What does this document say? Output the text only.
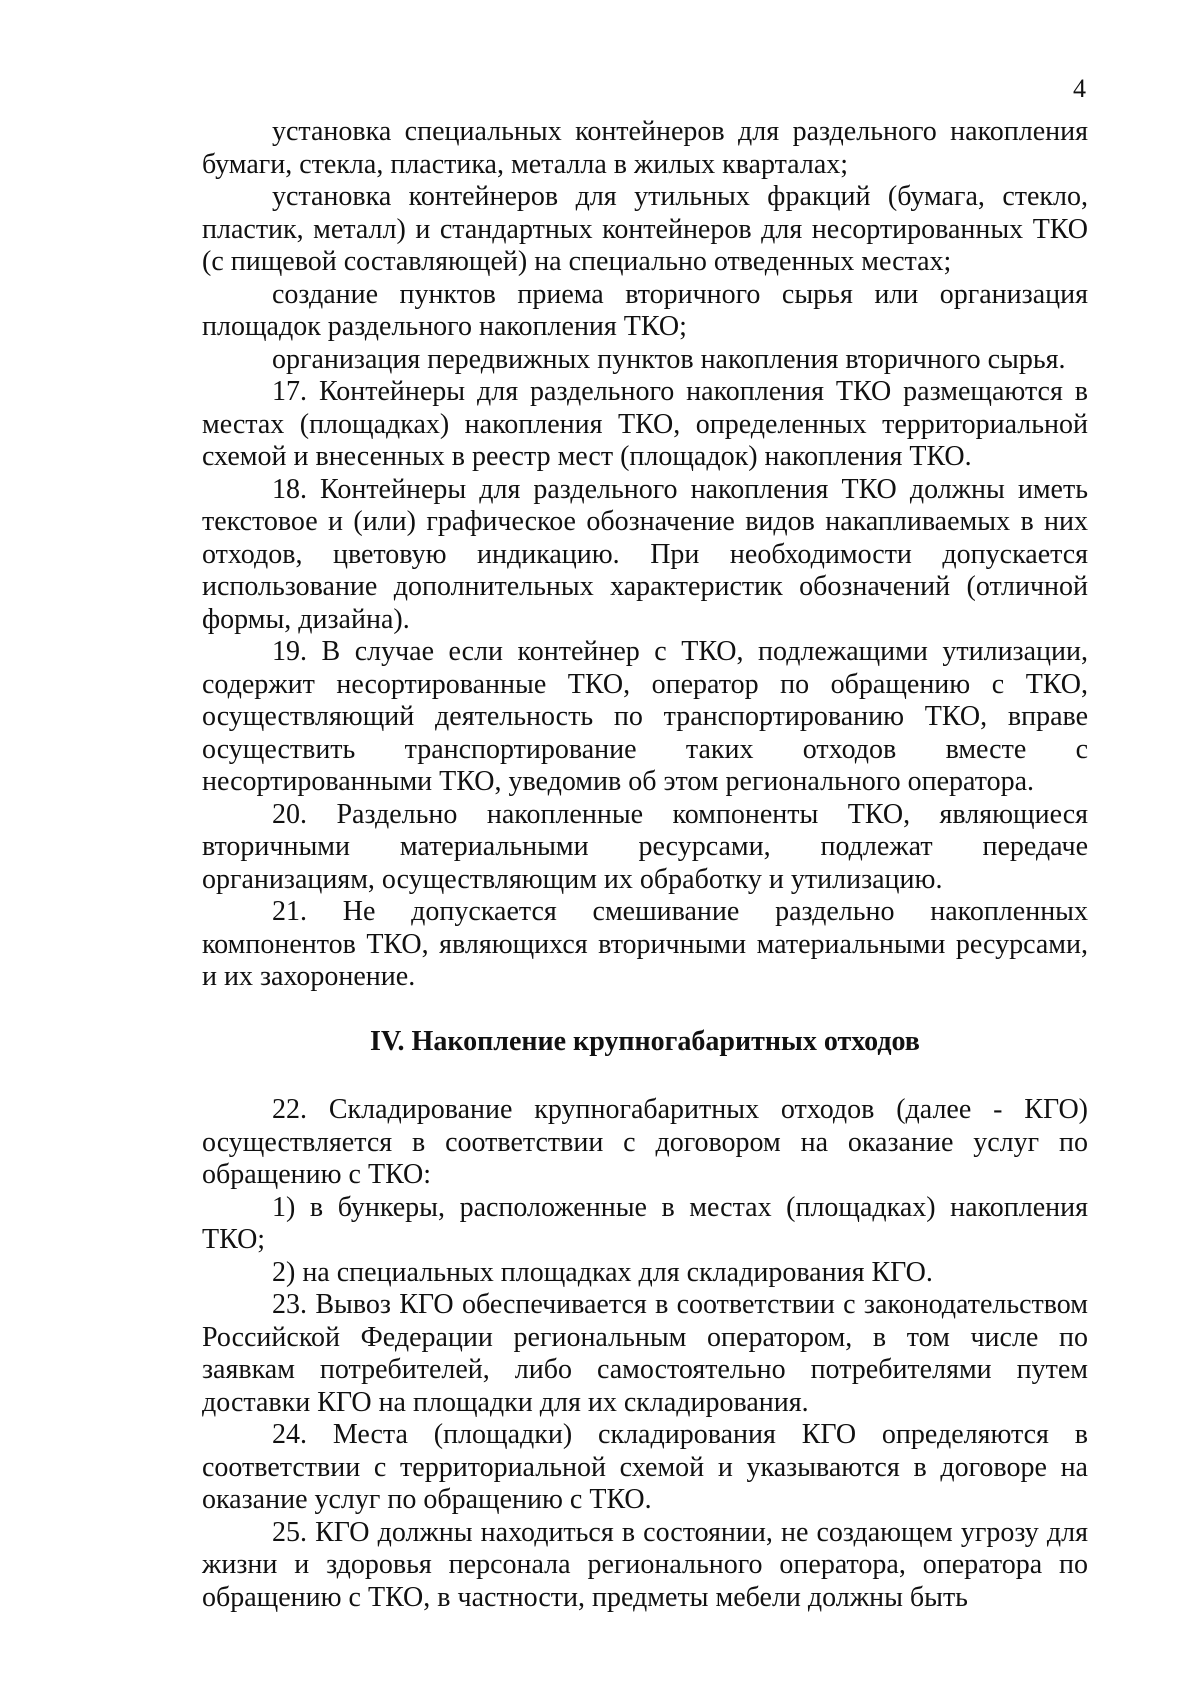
4

установка специальных контейнеров для раздельного накопления бумаги, стекла, пластика, металла в жилых кварталах;

установка контейнеров для утильных фракций (бумага, стекло, пластик, металл) и стандартных контейнеров для несортированных ТКО (с пищевой составляющей) на специально отведенных местах;

создание пунктов приема вторичного сырья или организация площадок раздельного накопления ТКО;

организация передвижных пунктов накопления вторичного сырья.

17. Контейнеры для раздельного накопления ТКО размещаются в местах (площадках) накопления ТКО, определенных территориальной схемой и внесенных в реестр мест (площадок) накопления ТКО.

18. Контейнеры для раздельного накопления ТКО должны иметь текстовое и (или) графическое обозначение видов накапливаемых в них отходов, цветовую индикацию. При необходимости допускается использование дополнительных характеристик обозначений (отличной формы, дизайна).

19. В случае если контейнер с ТКО, подлежащими утилизации, содержит несортированные ТКО, оператор по обращению с ТКО, осуществляющий деятельность по транспортированию ТКО, вправе осуществить транспортирование таких отходов вместе с несортированными ТКО, уведомив об этом регионального оператора.

20. Раздельно накопленные компоненты ТКО, являющиеся вторичными материальными ресурсами, подлежат передаче организациям, осуществляющим их обработку и утилизацию.

21. Не допускается смешивание раздельно накопленных компонентов ТКО, являющихся вторичными материальными ресурсами, и их захоронение.

IV. Накопление крупногабаритных отходов

22. Складирование крупногабаритных отходов (далее - КГО) осуществляется в соответствии с договором на оказание услуг по обращению с ТКО:

1) в бункеры, расположенные в местах (площадках) накопления ТКО;

2) на специальных площадках для складирования КГО.

23. Вывоз КГО обеспечивается в соответствии с законодательством Российской Федерации региональным оператором, в том числе по заявкам потребителей, либо самостоятельно потребителями путем доставки КГО на площадки для их складирования.

24. Места (площадки) складирования КГО определяются в соответствии с территориальной схемой и указываются в договоре на оказание услуг по обращению с ТКО.

25. КГО должны находиться в состоянии, не создающем угрозу для жизни и здоровья персонала регионального оператора, оператора по обращению с ТКО, в частности, предметы мебели должны быть
